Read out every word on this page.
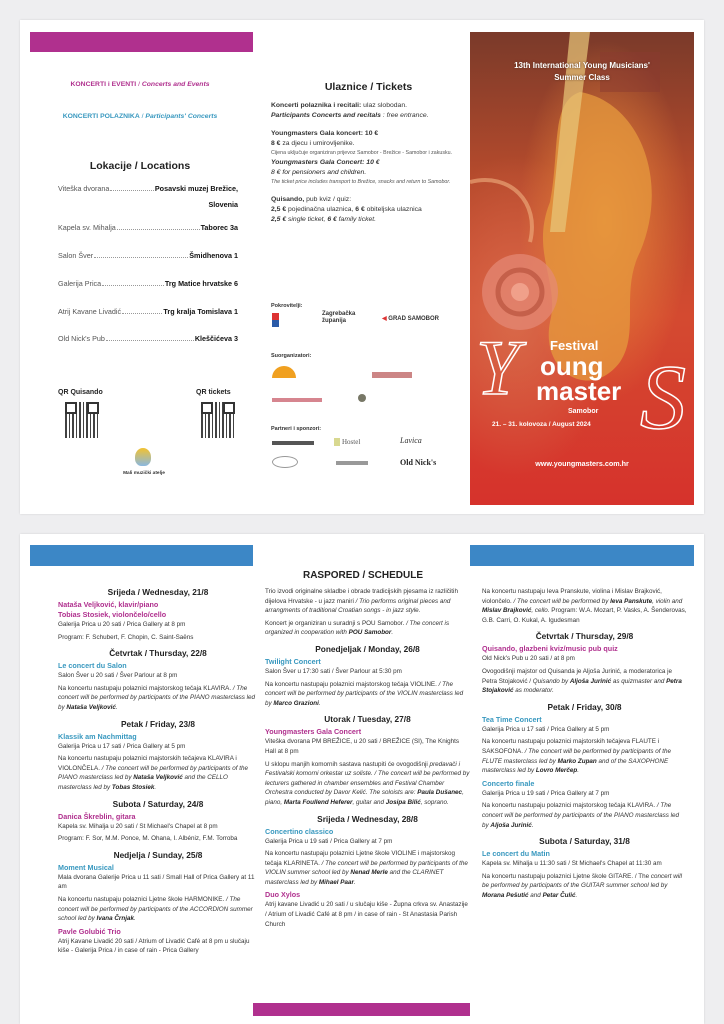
KONCERTI i EVENTI / Concerts and Events
KONCERTI POLAZNIKA / Participants' Concerts
Lokacije / Locations
Viteška dvorana	Posavski muzej Brežice,
Slovenia
Kapela sv. Mihalja	Taborec 3a
Salon Šver	Šmidhenova 1
Galerija Prica	Trg Matice hrvatske 6
Atrij Kavane Livadić	Trg kralja Tomislava 1
Old Nick's Pub	Kleščićeva 3
QR Quisando	QR tickets
Mali muzički atelje
Ulaznice / Tickets
Koncerti polaznika i recitali: ulaz slobodan.
Participants Concerts and recitals : free entrance.
Youngmasters Gala koncert: 10 €
8 € za djecu i umirovljenike.
Cijena uključuje organiziran prijevoz Samobor - Brežice - Samobor i zakusku.
Youngmasters Gala Concert: 10 €
8 € for pensioners and children.
The ticket price includes transport to Brežice, snacks and return to Samobor.
Quisando, pub kviz / quiz:
2,5 € pojedinačna ulaznica, 6 € obiteljska ulaznica
2,5 € single ticket, 6 € family ticket.
Pokrovitelji:
Zagrebačka županija	◀ GRAD SAMOBOR
Suorganizatori:
Partneri i sponzori:
Hostel	Lavica
Old Nick's
13th International Young Musicians'
Summer Class
Y S
Festival
oung
master
Samobor
21. – 31. kolovoza / August 2024
www.youngmasters.com.hr
RASPORED / SCHEDULE
Srijeda / Wednesday, 21/8
Nataša Veljković, klavir/piano
Tobias Stosiek, violončelo/cello
Galerija Prica u 20 sati / Prica Gallery at 8 pm
Program: F. Schubert, F. Chopin, C. Saint-Saëns
Četvrtak / Thursday, 22/8
Le concert du Salon
Salon Šver u 20 sati / Šver Parlour at 8 pm
Na koncertu nastupaju polaznici majstorskog tečaja KLAVIRA. / The concert will be performed by participants of the PIANO masterclass led by Nataša Veljković.
Petak / Friday, 23/8
Klassik am Nachmittag
Galerija Prica u 17 sati / Prica Gallery at 5 pm
Na koncertu nastupaju polaznici majstorskih tečajeva KLAVIRA i VIOLONČELA. / The concert will be performed by participants of the PIANO masterclass led by Nataša Veljković and the CELLO masterclass led by Tobas Stosiek.
Subota / Saturday, 24/8
Danica Škreblin, gitara
Kapela sv. Mihalja u 20 sati / St Michael's Chapel at 8 pm
Program: F. Sor, M.M. Ponce, M. Ohana, I. Albéniz, F.M. Torroba
Nedjelja / Sunday, 25/8
Moment Musical
Mala dvorana Galerije Prica u 11 sati / Small Hall of Prica Gallery at 11 am
Na koncertu nastupaju polaznici Ljetne škole HARMONIKE. / The concert will be performed by participants of the ACCORDION summer school led by Ivana Črnjak.
Pavle Golubić Trio
Atrij Kavane Livadić 20 sati / Atrium of Livadić Café at 8 pm u slučaju kiše - Galerija Prica / in case of rain - Prica Gallery
Trio izvodi originalne skladbe i obrade tradicijskih pjesama iz različitih dijelova Hrvatske - u jazz maniri / Trio performs original pieces and arrangments of traditional Croatian songs - in jazz style.
Koncert je organiziran u suradnji s POU Samobor. / The concert is organized in cooperation with POU Samobor.
Ponedjeljak / Monday, 26/8
Twilight Concert
Salon Šver u 17:30 sati / Šver Parlour at 5:30 pm
Na koncertu nastupaju polaznici majstorskog tečaja VIOLINE. / The concert will be performed by participants of the VIOLIN masterclass led by Marco Grazioni.
Utorak / Tuesday, 27/8
Youngmasters Gala Concert
Viteška dvorana PM BREŽICE, u 20 sati / BREŽICE (SI), The Knights Hall at 8 pm
U sklopu manjih komornih sastava nastupiti će ovogodišnji predavači i Festivalski komorni orkestar uz soliste. / The concert will be performed by lecturers gathered in chamber ensembles and Festival Chamber Orchestra conducted by Davor Kelić. The soloists are: Paula Dušanec, piano, Marta Foullend Heferer, guitar and Josipa Bilić, soprano.
Srijeda / Wednesday, 28/8
Concertino classico
Galerija Prica u 19 sati / Prica Gallery at 7 pm
Na koncertu nastupaju polaznici Ljetne škole VIOLINE i majstorskog tečaja KLARINETA. / The concert will be performed by participants of the VIOLIN summer school led by Nenad Merle and the CLARINET masterclass led by Mihael Paar.
Duo Xylos
Atrij kavane Livadić u 20 sati / u slučaju kiše - Župna crkva sv. Anastazije / Atrium of Livadić Café at 8 pm / in case of rain - St Anastasia Parish Church
Na koncertu nastupaju Ieva Pranskute, violina i Mislav Brajković, violončelo. / The concert will be performed by Ieva Panskute, violin and Mislav Brajković, cello. Program: W.A. Mozart, P. Vasks, A. Šenderovas, G.B. Carri, O. Kukal, A. Igudesman
Četvrtak / Thursday, 29/8
Quisando, glazbeni kviz/music pub quiz
Old Nick's Pub u 20 sati / at 8 pm
Ovogodišnji majstor od Quisanda je Aljoša Jurinić, a moderatorica je Petra Stojaković / Quisando by Aljoša Jurinić as quizmaster and Petra Stojaković as moderator.
Petak / Friday, 30/8
Tea Time Concert
Galerija Prica u 17 sati / Prica Gallery at 5 pm
Na koncertu nastupaju polaznici majstorskih tečajeva FLAUTE i SAKSOFONA. / The concert will be performed by participants of the FLUTE masterclass led by Marko Zupan and of the SAXOPHONE masterclass led by Lovro Merčep.
Concerto finale
Galerija Prica u 19 sati / Prica Gallery at 7 pm
Na koncertu nastupaju polaznici majstorskog tečaja KLAVIRA. / The concert will be performed by participants of the PIANO masterclass led by Aljoša Jurinić.
Subota / Saturday, 31/8
Le concert du Matin
Kapela sv. Mihalja u 11:30 sati / St Michael's Chapel at 11:30 am
Na koncertu nastupaju polaznici Ljetne škole GITARE. / The concert will be performed by participants of the GUITAR summer school led by Morana Pešutić and Petar Čulić.
